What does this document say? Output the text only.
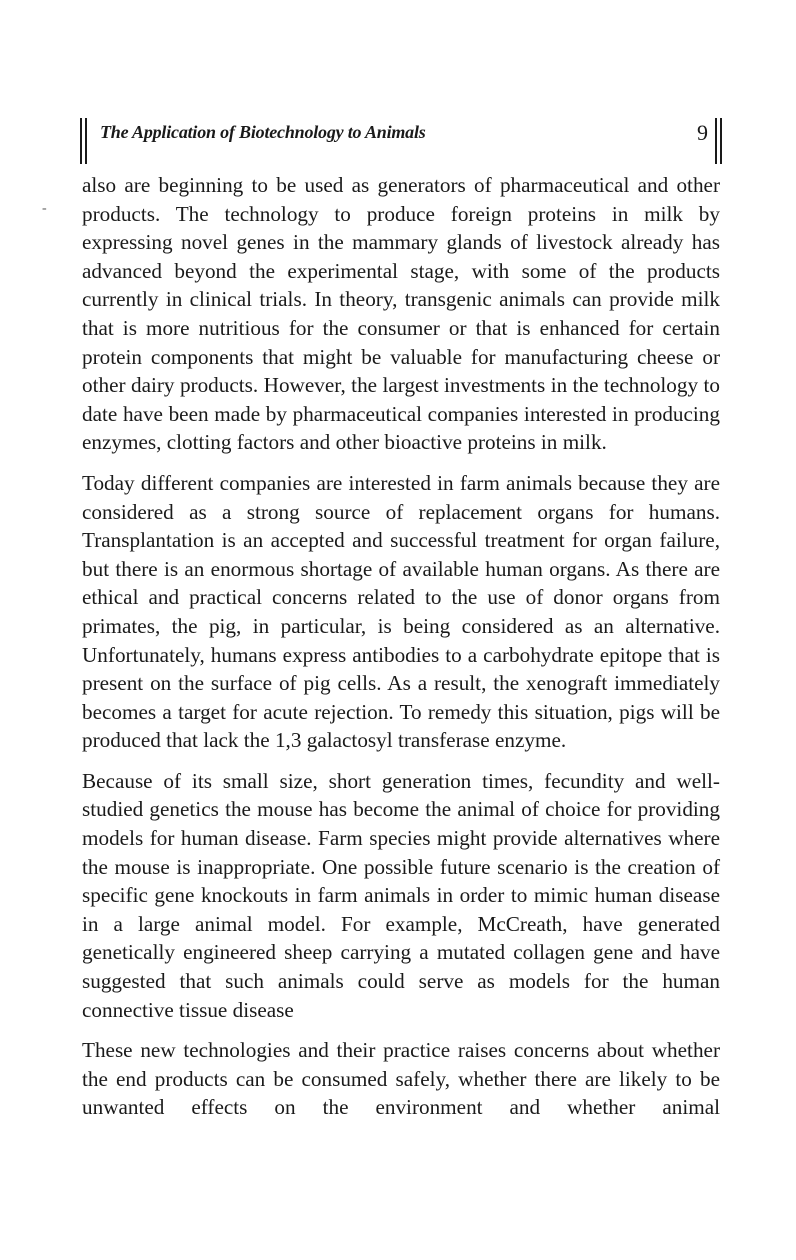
The Application of Biotechnology to Animals	9
-

also are beginning to be used as generators of pharmaceutical and other products. The technology to produce foreign proteins in milk by expressing novel genes in the mammary glands of livestock already has advanced beyond the experimental stage, with some of the products currently in clinical trials. In theory, transgenic animals can provide milk that is more nutritious for the consumer or that is enhanced for certain protein components that might be valuable for manufacturing cheese or other dairy products. However, the largest investments in the technology to date have been made by pharmaceutical companies interested in producing enzymes, clotting factors and other bioactive proteins in milk.

Today different companies are interested in farm animals because they are considered as a strong source of replacement organs for humans. Transplantation is an accepted and successful treatment for organ failure, but there is an enormous shortage of available human organs. As there are ethical and practical concerns related to the use of donor organs from primates, the pig, in particular, is being considered as an alternative. Unfortunately, humans express antibodies to a carbohydrate epitope that is present on the surface of pig cells. As a result, the xenograft immediately becomes a target for acute rejection. To remedy this situation, pigs will be produced that lack the 1,3 galactosyl transferase enzyme.

Because of its small size, short generation times, fecundity and well-studied genetics the mouse has become the animal of choice for providing models for human disease. Farm species might provide alternatives where the mouse is inappropriate. One possible future scenario is the creation of specific gene knockouts in farm animals in order to mimic human disease in a large animal model. For example, McCreath, have generated genetically engineered sheep carrying a mutated collagen gene and have suggested that such animals could serve as models for the human connective tissue disease

These new technologies and their practice raises concerns about whether the end products can be consumed safely, whether there are likely to be unwanted effects on the environment and whether animal
